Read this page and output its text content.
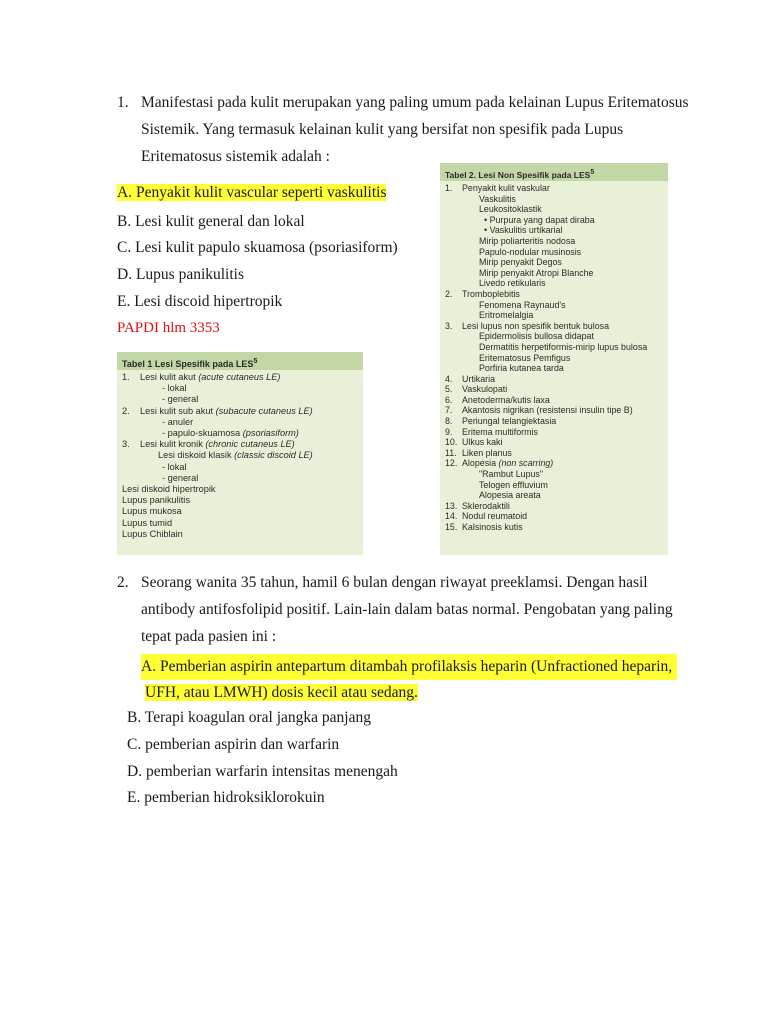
1. Manifestasi pada kulit merupakan yang paling umum pada kelainan Lupus Eritematosus
Sistemik. Yang termasuk kelainan kulit yang bersifat non spesifik pada Lupus
Eritematosus sistemik adalah :
A. Penyakit kulit vascular seperti vaskulitis
B. Lesi kulit general dan lokal
C. Lesi kulit papulo skuamosa (psoriasiform)
D. Lupus panikulitis
E. Lesi discoid hipertropik
PAPDI hlm 3353
Tabel 2. Lesi Non Spesifik pada LES$^5$
1.	Penyakit kulit vaskular
Vaskulitis
Leukositoklastik
• Purpura yang dapat diraba
• Vaskulitis urtikarial
Mirip poliarteritis nodosa
Papulo-nodular musinosis
Mirip penyakit Degos
Mirip penyakit Atropi Blanche
Livedo retikularis
2.	Tromboplebitis
Fenomena Raynaud's
Eritromelalgia
3.	Lesi lupus non spesifik bentuk bulosa
Epidermolisis bullosa didapat
Dermatitis herpetiformis-mirip lupus bulosa
Eritematosus Pemfigus
Porfiria kutanea tarda
4.	Urtikaria
5.	Vaskulopati
6.	Anetoderma/kutis laxa
7.	Akantosis nigrikan (resistensi insulin tipe B)
8.	Periungal telangiektasia
9.	Eritema multiformis
10. Ulkus kaki
11. Liken planus
12. Alopesia (non scarring)
"Rambut Lupus"
Telogen effluvium
Alopesia areata
13. Sklerodaktili
14. Nodul reumatoid
15. Kalsinosis kutis
Tabel 1 Lesi Spesifik pada LES$^5$
1.	Lesi kulit akut (acute cutaneus LE)
- lokal
- general
2.	Lesi kulit sub akut (subacute cutaneus LE)
- anuler
- papulo-skuamosa (psoriasiform)
3.	Lesi kulit kronik (chronic cutaneus LE)
Lesi diskoid klasik (classic discoid LE)
- lokal
- general
Lesi diskoid hipertropik
Lupus panikulitis
Lupus mukosa
Lupus tumid
Lupus Chiblain
2. Seorang wanita 35 tahun, hamil 6 bulan dengan riwayat preeklamsi. Dengan hasil
antibody antifosfolipid positif. Lain-lain dalam batas normal. Pengobatan yang paling
tepat pada pasien ini :
A. Pemberian aspirin antepartum ditambah profilaksis heparin (Unfractioned heparin,
UFH, atau LMWH) dosis kecil atau sedang.
B. Terapi koagulan oral jangka panjang
C. pemberian aspirin dan warfarin
D. pemberian warfarin intensitas menengah
E. pemberian hidroksiklorokuin
